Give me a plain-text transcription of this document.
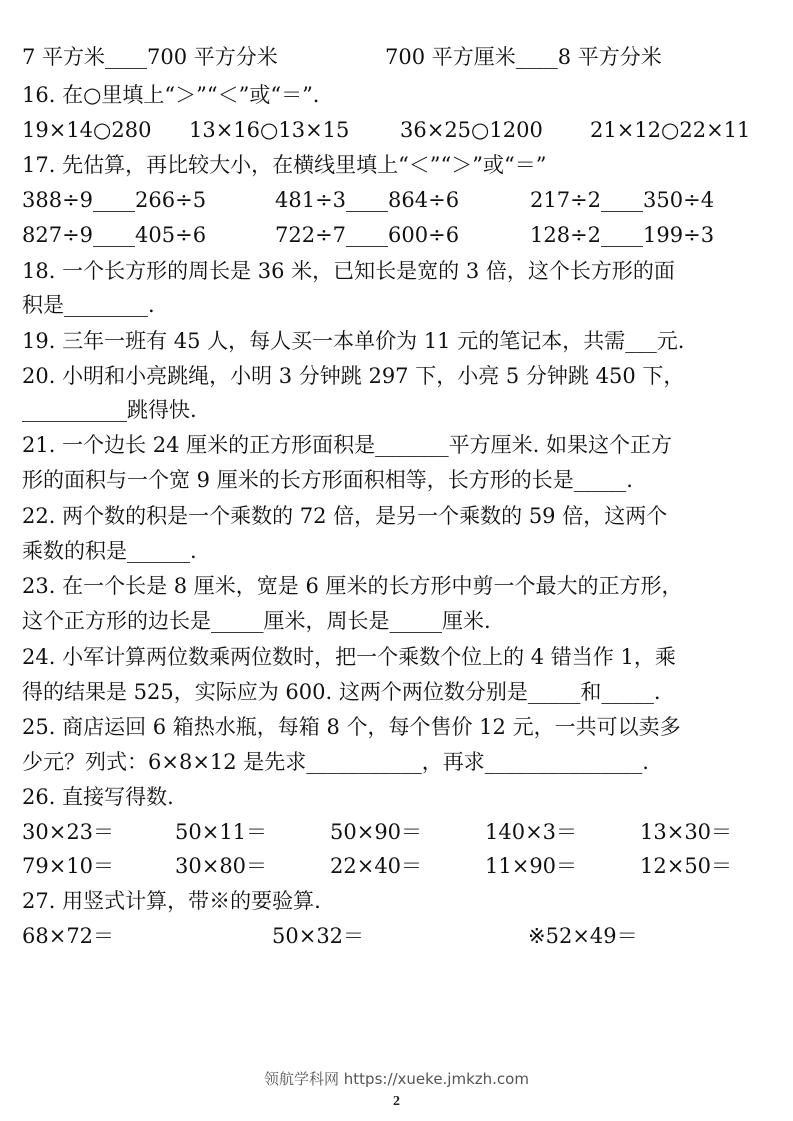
7 平方米____700 平方分米	700 平方厘米____8 平方分米
16. 在○里填上“＞”“＜”或“＝”.
19×14○280 13×16○13×15 36×25○1200 21×12○22×11
17. 先估算，再比较大小，在横线里填上“＜”“＞”或“＝”
388÷9____266÷5	481÷3____864÷6	217÷2____350÷4
827÷9____405÷6	722÷7____600÷6	128÷2____199÷3
18. 一个长方形的周长是 36 米，已知长是宽的 3 倍，这个长方形的面
积是________.
19. 三年一班有 45 人，每人买一本单价为 11 元的笔记本，共需___元.
20. 小明和小亮跳绳，小明 3 分钟跳 297 下，小亮 5 分钟跳 450 下，
__________跳得快.
21. 一个边长 24 厘米的正方形面积是_______平方厘米. 如果这个正方
形的面积与一个宽 9 厘米的长方形面积相等，长方形的长是_____.
22. 两个数的积是一个乘数的 72 倍，是另一个乘数的 59 倍，这两个
乘数的积是______.
23. 在一个长是 8 厘米，宽是 6 厘米的长方形中剪一个最大的正方形，
这个正方形的边长是_____厘米，周长是_____厘米.
24. 小军计算两位数乘两位数时，把一个乘数个位上的 4 错当作 1，乘
得的结果是 525，实际应为 600. 这两个两位数分别是_____和_____.
25. 商店运回 6 箱热水瓶，每箱 8 个，每个售价 12 元，一共可以卖多
少元？列式：6×8×12 是先求___________，再求_______________.
26. 直接写得数.
30×23＝	50×11＝	50×90＝	140×3＝	13×30＝
79×10＝	30×80＝	22×40＝	11×90＝	12×50＝
27. 用竖式计算，带※的要验算.
68×72＝	50×32＝	※52×49＝
领航学科网 https://xueke.jmkzh.com
2
